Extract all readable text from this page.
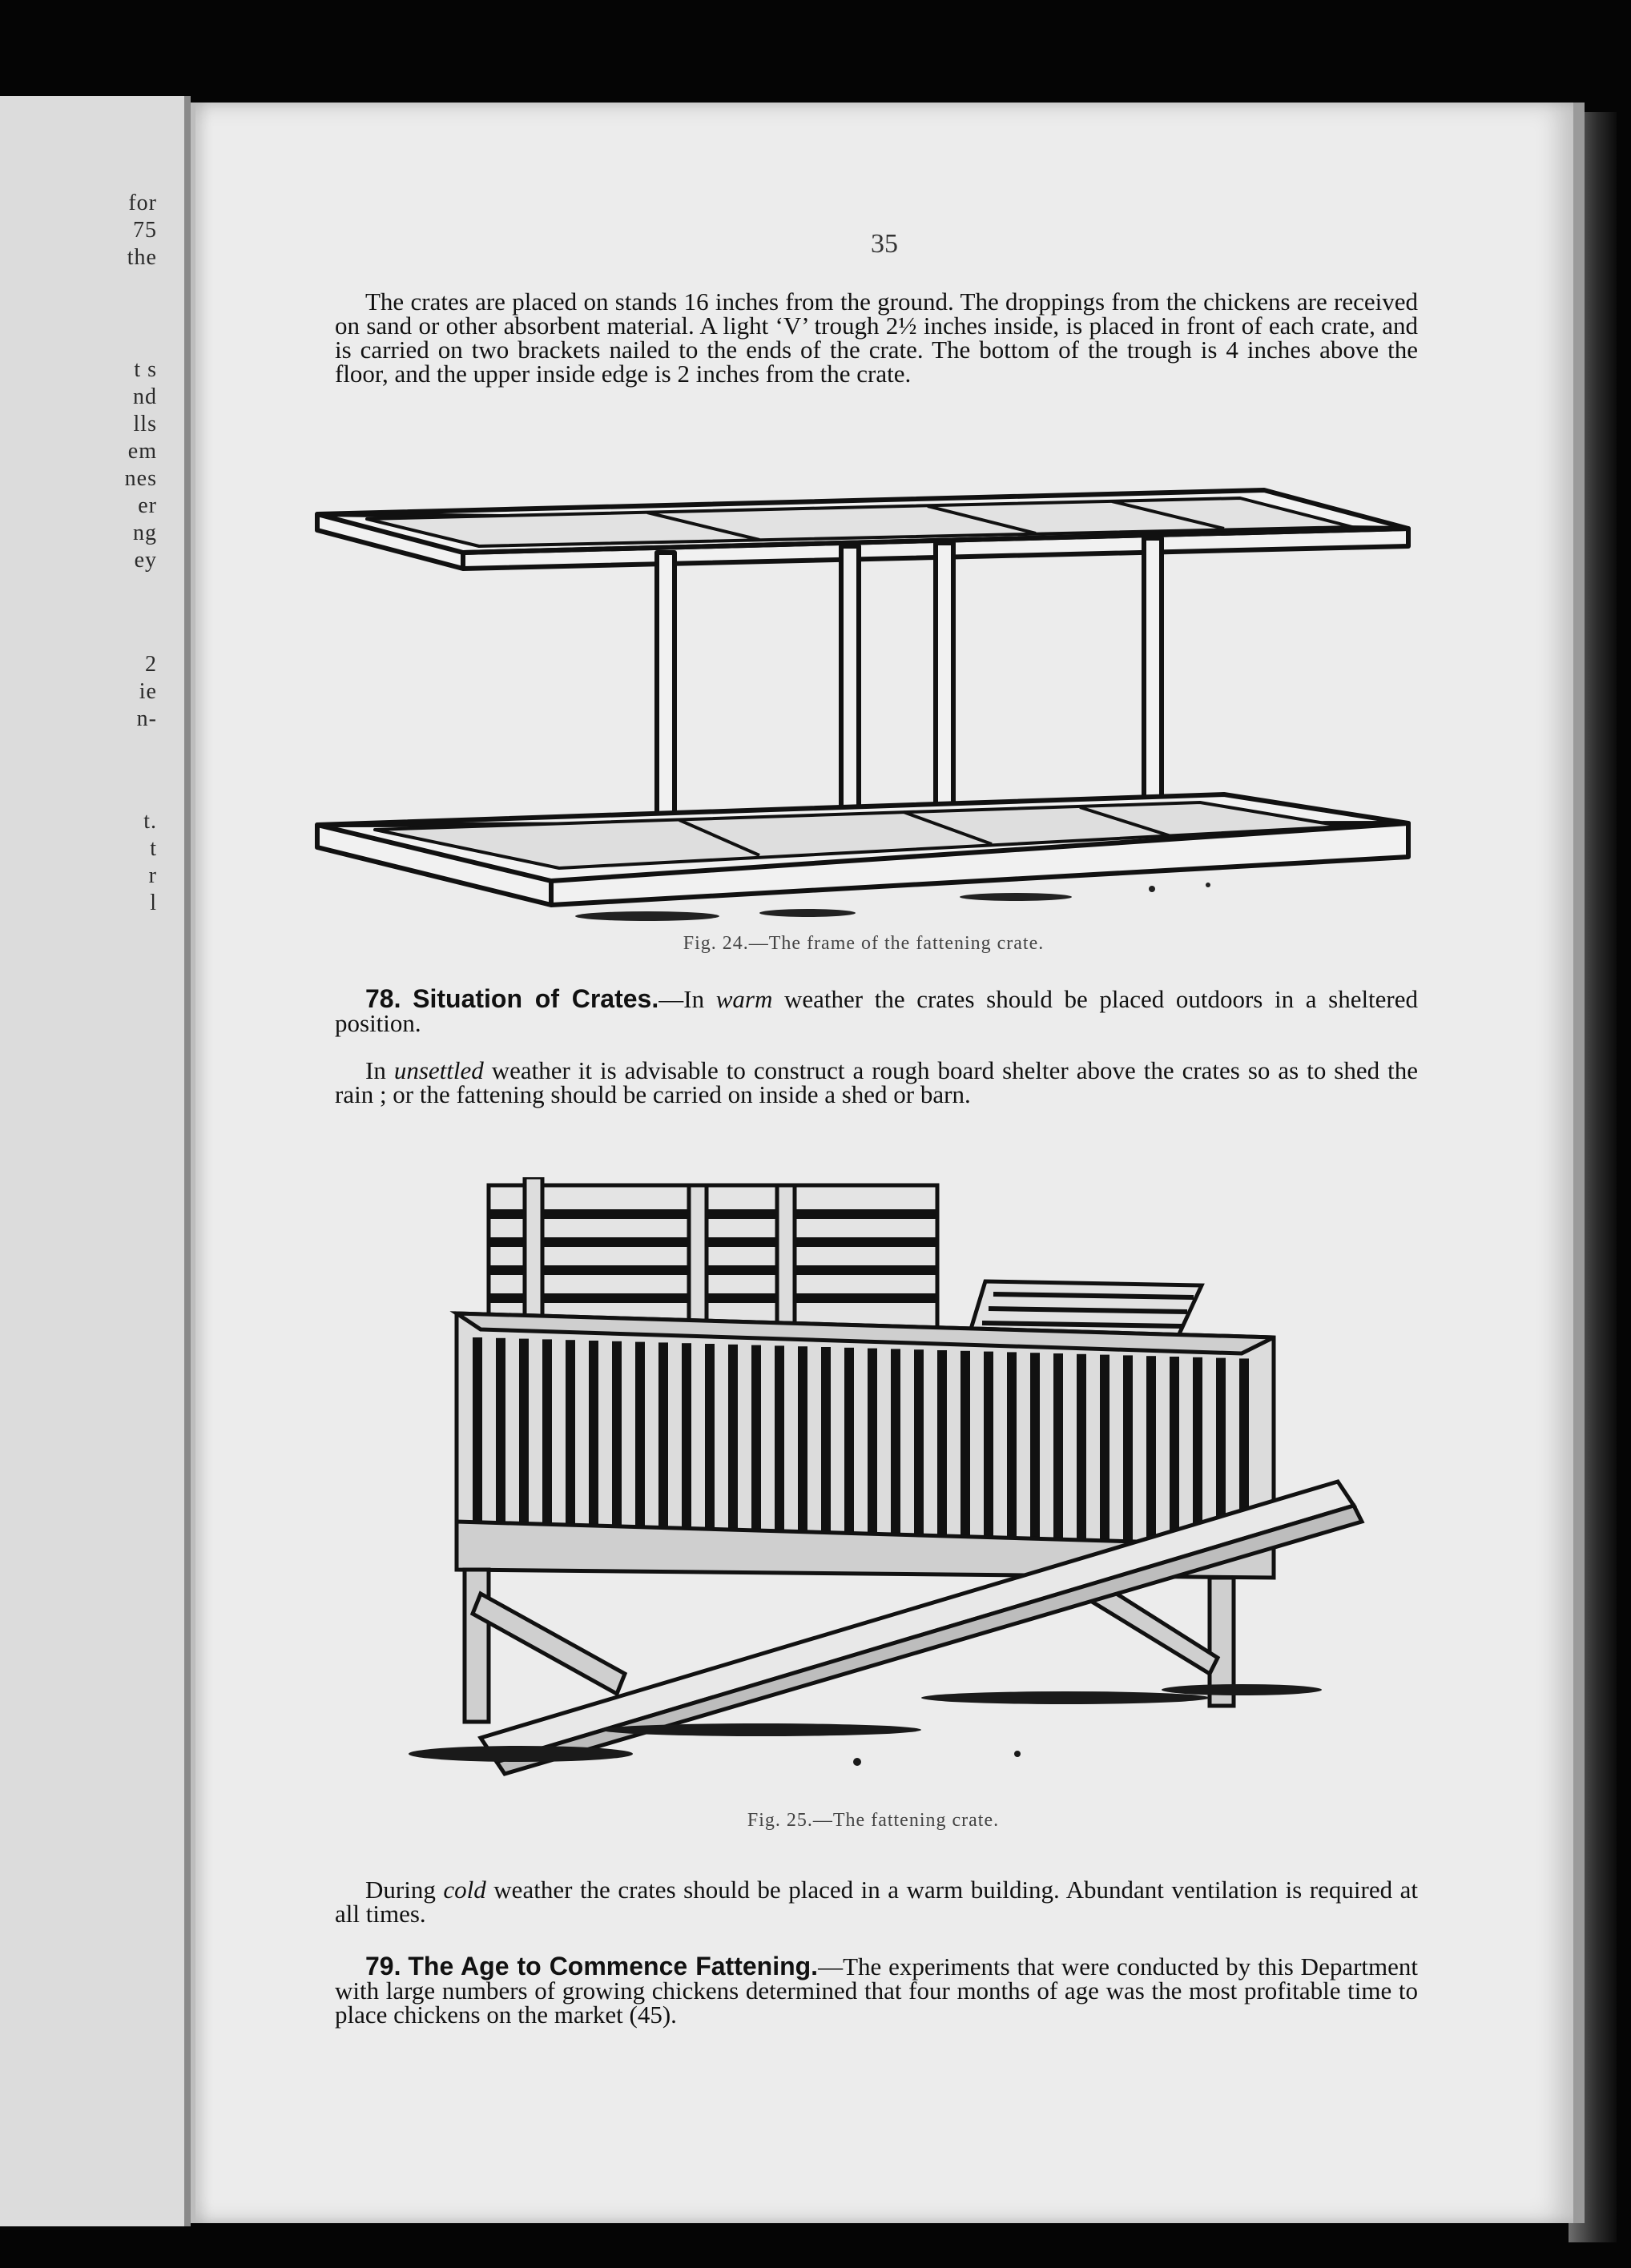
for
75
the
t s
nd
lls
em
nes
er
ng
ey
2
ie
n-
t.
t
r
l
35

The crates are placed on stands 16 inches from the ground. The droppings from the chickens are received on sand or other absorbent material. A light ‘V’ trough 2½ inches inside, is placed in front of each crate, and is carried on two brackets nailed to the ends of the crate. The bottom of the trough is 4 inches above the floor, and the upper inside edge is 2 inches from the crate.

Fig. 24.—The frame of the fattening crate.

78. Situation of Crates.—In warm weather the crates should be placed outdoors in a sheltered position.

In unsettled weather it is advisable to construct a rough board shelter above the crates so as to shed the rain ; or the fattening should be carried on inside a shed or barn.

Fig. 25.—The fattening crate.

During cold weather the crates should be placed in a warm building. Abundant ventilation is required at all times.

79. The Age to Commence Fattening.—The experiments that were conducted by this Department with large numbers of growing chickens determined that four months of age was the most profitable time to place chickens on the market (45).
